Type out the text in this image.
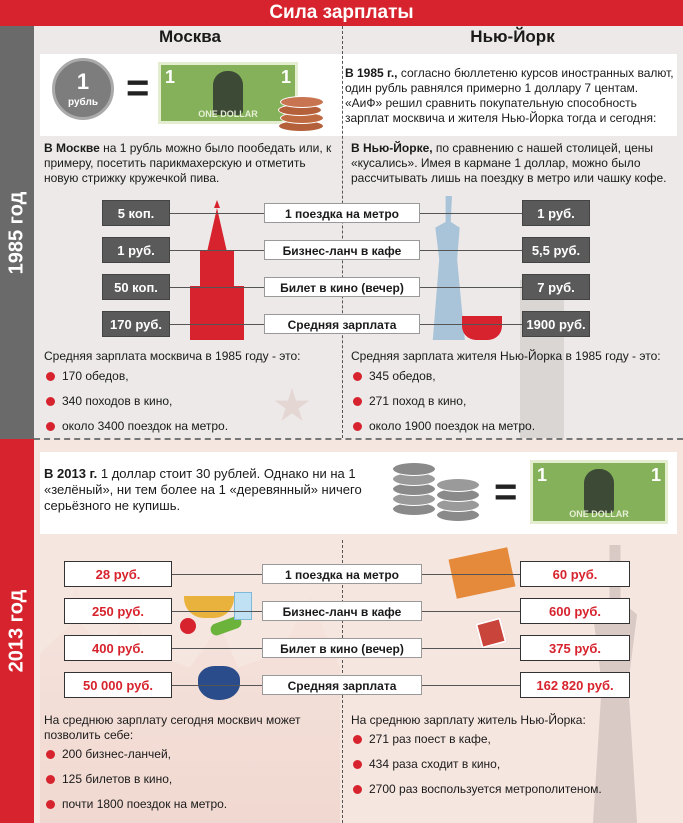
Сила зарплаты
1985 год
2013 год
Москва	Нью-Йорк
1
рубль = 1	1
ONE DOLLAR

В 1985 г., согласно бюллетеню курсов иностранных валют, один рубль равнялся примерно 1 доллару 7 центам. «АиФ» решил сравнить покупательную способность зарплат москвича и жителя Нью-Йорка тогда и сегодня:

В Москве на 1 рубль можно было пообедать или, к примеру, посетить парикмахерскую и отметить новую стрижку кружечкой пива.

В Нью-Йорке, по сравнению с нашей столицей, цены «кусались». Имея в кармане 1 доллар, можно было рассчитывать лишь на поездку в метро или чашку кофе.

5 коп.	1 поездка на метро	1 руб.
1 руб.	Бизнес-ланч в кафе	5,5 руб.
50 коп.	Билет в кино (вечер)	7 руб.
170 руб.	Средняя зарплата	1900 руб.

Средняя зарплата москвича в 1985 году - это:

170 обедов,
340 походов в кино,
около 3400 поездок на метро.

Средняя зарплата жителя Нью-Йорка в 1985 году - это:

345 обедов,
271 поход в кино,
около 1900 поездок на метро.

В 2013 г. 1 доллар стоит 30 рублей. Однако ни на 1 «зелёный», ни тем более на 1 «деревянный» ничего серьёзного не купишь.	= 1	1
ONE DOLLAR
28 руб.	1 поездка на метро	60 руб.
250 руб.	Бизнес-ланч в кафе	600 руб.
400 руб.	Билет в кино (вечер)	375 руб.
50 000 руб.	Средняя зарплата	162 820 руб.

На среднюю зарплату сегодня москвич может позволить себе:

200 бизнес-ланчей,
125 билетов в кино,
почти 1800 поездок на метро.

На среднюю зарплату житель Нью-Йорка:

271 раз поест в кафе,
434 раза сходит в кино,
2700 раз воспользуется метрополитеном.
